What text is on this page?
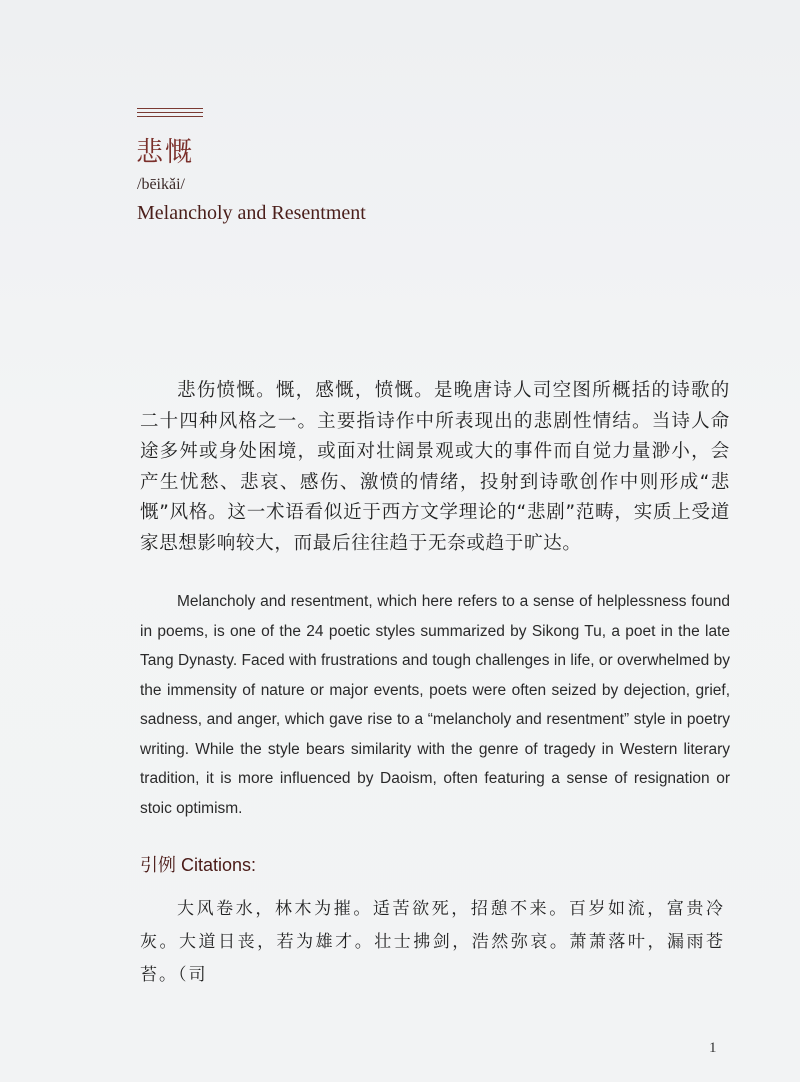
悲慨
/bēikǎi/
Melancholy and Resentment

悲伤愤慨。慨，感慨，愤慨。是晚唐诗人司空图所概括的诗歌的二十四种风格之一。主要指诗作中所表现出的悲剧性情结。当诗人命途多舛或身处困境，或面对壮阔景观或大的事件而自觉力量渺小，会产生忧愁、悲哀、感伤、激愤的情绪，投射到诗歌创作中则形成“悲慨”风格。这一术语看似近于西方文学理论的“悲剧”范畴，实质上受道家思想影响较大，而最后往往趋于无奈或趋于旷达。

Melancholy and resentment, which here refers to a sense of helplessness found in poems, is one of the 24 poetic styles summarized by Sikong Tu, a poet in the late Tang Dynasty. Faced with frustrations and tough challenges in life, or overwhelmed by the immensity of nature or major events, poets were often seized by dejection, grief, sadness, and anger, which gave rise to a “melancholy and resentment” style in poetry writing. While the style bears similarity with the genre of tragedy in Western literary tradition, it is more influenced by Daoism, often featuring a sense of resignation or stoic optimism.

引例 Citations:

大风卷水，林木为摧。适苦欲死，招憩不来。百岁如流，富贵冷灰。大道日丧，若为雄才。壮士拂剑，浩然弥哀。萧萧落叶，漏雨苍苔。（司

1
